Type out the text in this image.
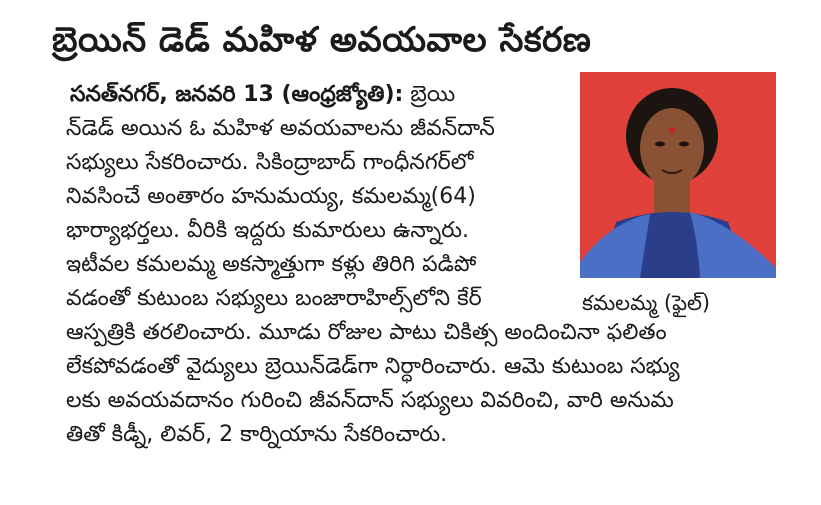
బ్రెయిన్ డెడ్ మహిళ అవయవాల సేకరణ
సనత్‌నగర్, జనవరి 13 (ఆంధ్రజ్యోతి): బ్రెయి
న్‌డెడ్ అయిన ఓ మహిళ అవయవాలను జీవన్‌దాన్
సభ్యులు సేకరించారు. సికింద్రాబాద్ గాంధీనగర్‌లో
నివసించే అంతారం హనుమయ్య, కమలమ్మ(64)
భార్యాభర్తలు. వీరికి ఇద్దరు కుమారులు ఉన్నారు.
ఇటీవల కమలమ్మ అకస్మాత్తుగా కళ్లు తిరిగి పడిపో
వడంతో కుటుంబ సభ్యులు బంజారాహిల్స్‌లోని కేర్
ఆస్పత్రికి తరలించారు. మూడు రోజుల పాటు చికిత్స అందించినా ఫలితం
లేకపోవడంతో వైద్యులు బ్రెయిన్‌డెడ్‌గా నిర్ధారించారు. ఆమె కుటుంబ సభ్యు
లకు అవయవదానం గురించి జీవన్‌దాన్ సభ్యులు వివరించి, వారి అనుమ
తితో కిడ్నీ, లివర్, 2 కార్నియాను సేకరించారు.
కమలమ్మ (ఫైల్)
